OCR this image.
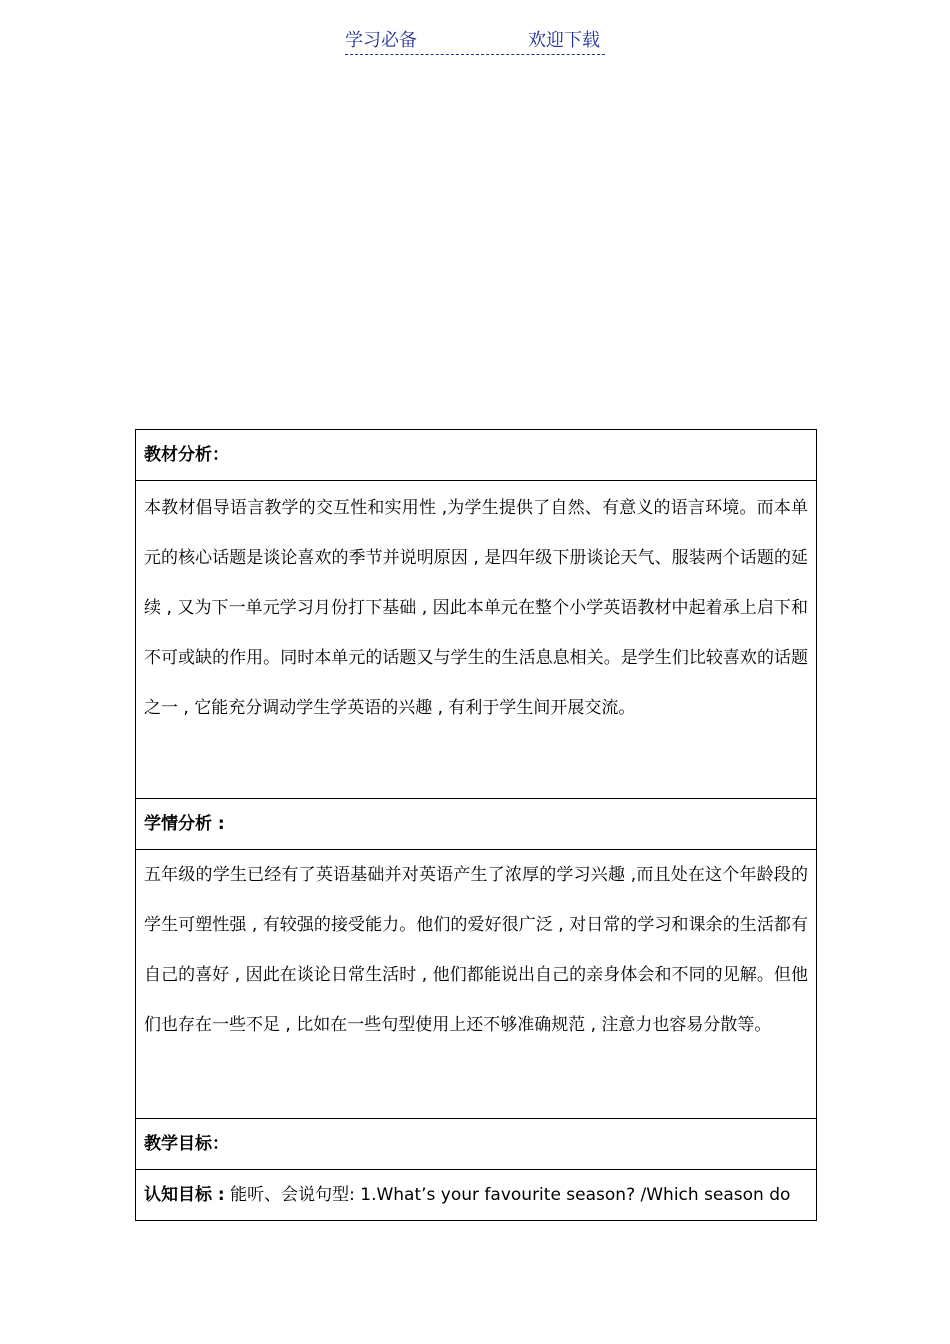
学习必备	欢迎下载
教材分析：
本教材倡导语言教学的交互性和实用性 ,为学生提供了自然、有意义的语言环境。而本单元的核心话题是谈论喜欢的季节并说明原因 , 是四年级下册谈论天气、服装两个话题的延续 , 又为下一单元学习月份打下基础 , 因此本单元在整个小学英语教材中起着承上启下和不可或缺的作用。同时本单元的话题又与学生的生活息息相关。是学生们比较喜欢的话题之一 , 它能充分调动学生学英语的兴趣 , 有利于学生间开展交流。
学情分析 :
五年级的学生已经有了英语基础并对英语产生了浓厚的学习兴趣 ,而且处在这个年龄段的学生可塑性强 , 有较强的接受能力。他们的爱好很广泛 , 对日常的学习和课余的生活都有自己的喜好 , 因此在谈论日常生活时 , 他们都能说出自己的亲身体会和不同的见解。但他们也存在一些不足 , 比如在一些句型使用上还不够准确规范 , 注意力也容易分散等。
教学目标：
认知目标 : 能听、会说句型: 1.What’s your favourite season? /Which season do
